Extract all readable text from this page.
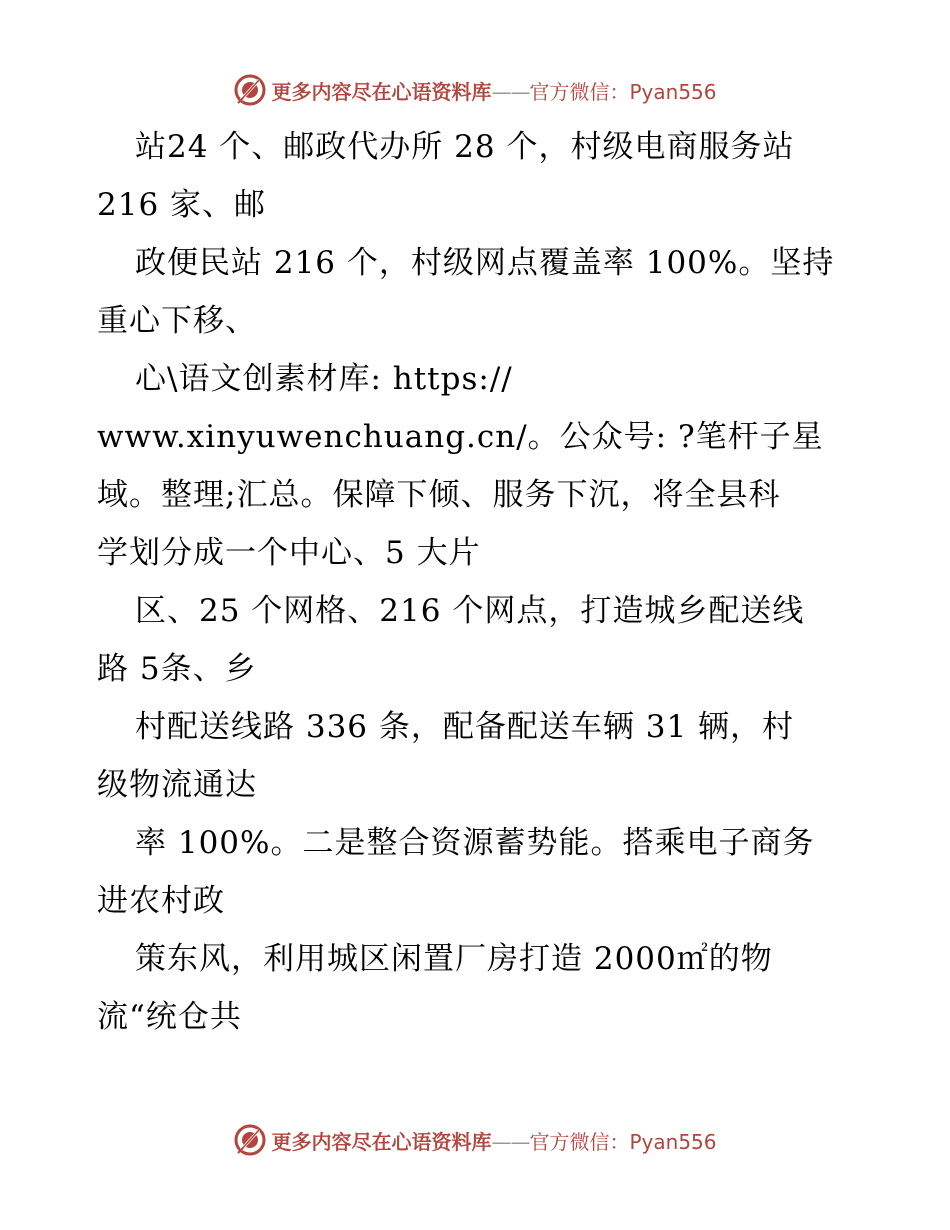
更多内容尽在心语资料库——官方微信：Pyan556
站24 个、邮政代办所 28 个，村级电商服务站
216 家、邮
政便民站 216 个，村级网点覆盖率 100%。坚持
重心下移、
心\语文创素材库: https://
www.xinyuwenchuang.cn/。公众号: ?笔杆子星
域。整理;汇总。保障下倾、服务下沉，将全县科
学划分成一个中心、5 大片
区、25 个网格、216 个网点，打造城乡配送线
路 5条、乡
村配送线路 336 条，配备配送车辆 31 辆，村
级物流通达
率 100%。二是整合资源蓄势能。搭乘电子商务
进农村政
策东风，利用城区闲置厂房打造 2000㎡的物
流“统仓共
更多内容尽在心语资料库——官方微信：Pyan556
